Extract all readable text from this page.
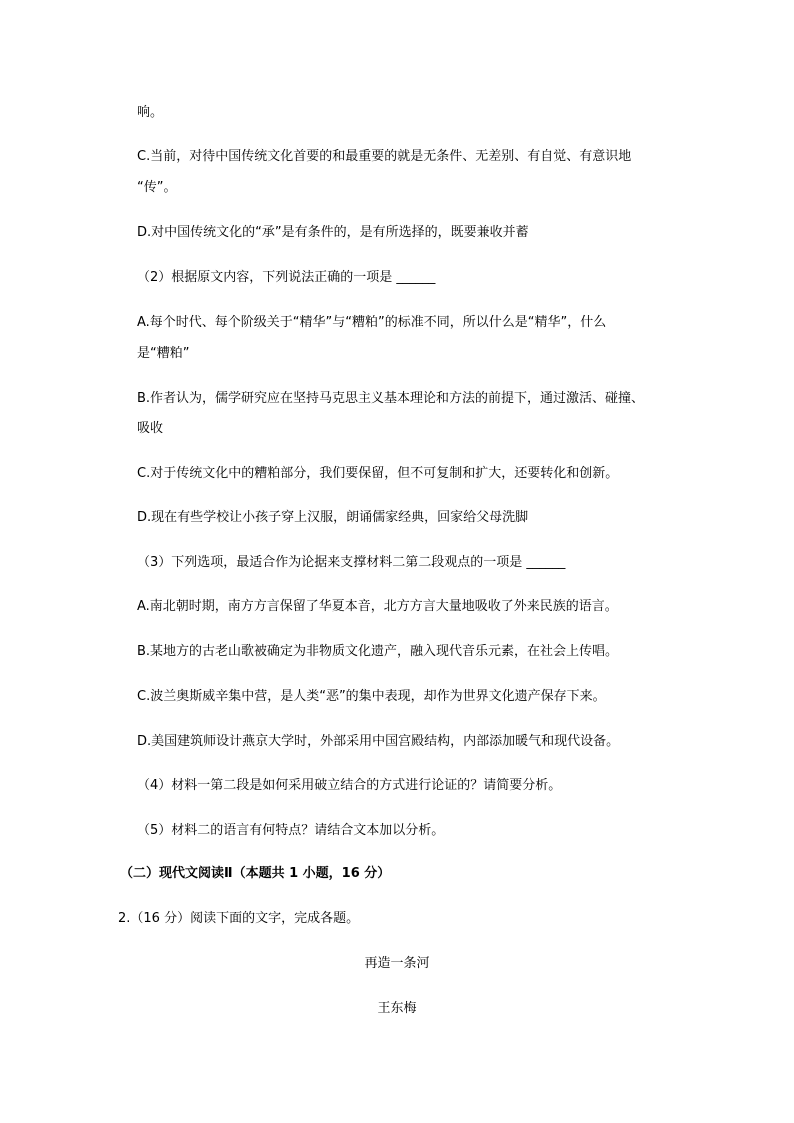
响。
C.当前，对待中国传统文化首要的和最重要的就是无条件、无差别、有自觉、有意识地
“传”。
D.对中国传统文化的“承”是有条件的，是有所选择的，既要兼收并蓄
（2）根据原文内容，下列说法正确的一项是 ______
A.每个时代、每个阶级关于“精华”与“糟粕”的标准不同，所以什么是“精华”，什么
是“糟粕”
B.作者认为，儒学研究应在坚持马克思主义基本理论和方法的前提下，通过激活、碰撞、
吸收
C.对于传统文化中的糟粕部分，我们要保留，但不可复制和扩大，还要转化和创新。
D.现在有些学校让小孩子穿上汉服，朗诵儒家经典，回家给父母洗脚
（3）下列选项，最适合作为论据来支撑材料二第二段观点的一项是 ______
A.南北朝时期，南方方言保留了华夏本音，北方方言大量地吸收了外来民族的语言。
B.某地方的古老山歌被确定为非物质文化遗产，融入现代音乐元素，在社会上传唱。
C.波兰奥斯威辛集中营，是人类“恶”的集中表现，却作为世界文化遗产保存下来。
D.美国建筑师设计燕京大学时，外部采用中国宫殿结构，内部添加暖气和现代设备。
（4）材料一第二段是如何采用破立结合的方式进行论证的？请简要分析。
（5）材料二的语言有何特点？请结合文本加以分析。
（二）现代文阅读Ⅱ（本题共 1 小题，16 分）
2.（16 分）阅读下面的文字，完成各题。
再造一条河
王东梅
